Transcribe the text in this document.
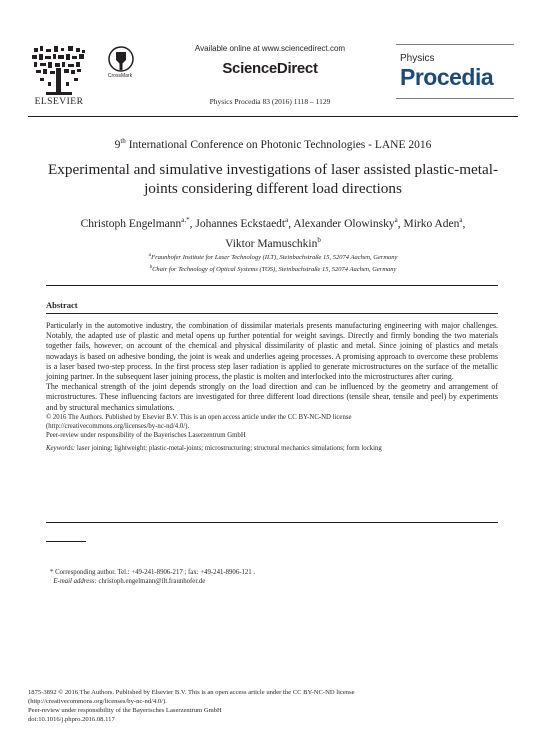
ELSEVIER
CrossMark
Available online at www.sciencedirect.com
ScienceDirect
Physics Procedia 83 (2016) 1118 – 1129
Physics
Procedia
9th International Conference on Photonic Technologies - LANE 2016
Experimental and simulative investigations of laser assisted plastic-metal-joints considering different load directions
Christoph Engelmann$^{a,*}$, Johannes Eckstaedt$^a$, Alexander Olowinsky$^a$, Mirko Aden$^a$,
Viktor Mamuschkin$^b$
$^a$Fraunhofer Institute for Laser Technology (ILT), Steinbachstraße 15, 52074 Aachen, Germany
$^b$Chair for Technology of Optical Systems (TOS), Steinbachstraße 15, 52074 Aachen, Germany
Abstract

Particularly in the automotive industry, the combination of dissimilar materials presents manufacturing engineering with major challenges. Notably, the adapted use of plastic and metal opens up further potential for weight savings. Directly and firmly bonding the two materials together fails, however, on account of the chemical and physical dissimilarity of plastic and metal. Since joining of plastics and metals nowadays is based on adhesive bonding, the joint is weak and underlies ageing processes. A promising approach to overcome these problems is a laser based two-step process. In the first process step laser radiation is applied to generate microstructures on the surface of the metallic joining partner. In the subsequent laser joining process, the plastic is molten and interlocked into the microstructures after curing.

The mechanical strength of the joint depends strongly on the load direction and can be influenced by the geometry and arrangement of microstructures. These influencing factors are investigated for three different load directions (tensile shear, tensile and peel) by experiments and by structural mechanics simulations.

© 2016 The Authors. Published by Elsevier B.V. This is an open access article under the CC BY-NC-ND license

(http://creativecommons.org/licenses/by-nc-nd/4.0/).

Peer-review under responsibility of the Bayerisches Laserzentrum GmbH

Keywords: laser joining; lightweight; plastic-metal-joints; microstructuring; structural mechanics simulations; form locking

* Corresponding author. Tel.: +49-241-8906-217 ; fax: +49-241-8906-121 .
E-mail address: christoph.engelmann@ilt.fraunhofer.de
1875-3892 © 2016 The Authors. Published by Elsevier B.V. This is an open access article under the CC BY-NC-ND license
(http://creativecommons.org/licenses/by-nc-nd/4.0/).
Peer-review under responsibility of the Bayerisches Laserzentrum GmbH
doi:10.1016/j.phpro.2016.08.117
